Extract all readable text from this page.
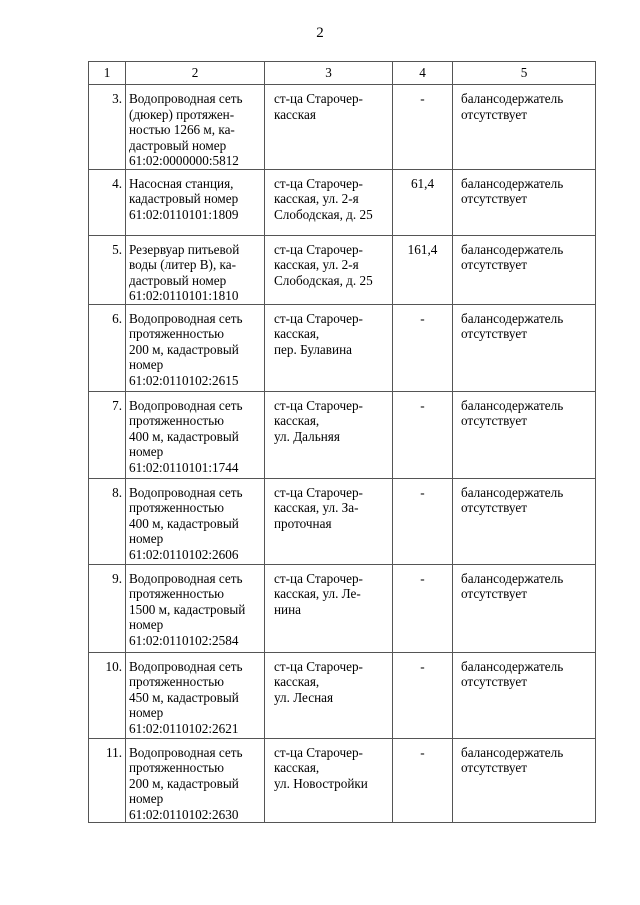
2
1	2	3	4	5
3.	Водопроводная сеть
(дюкер) протяжен-
ностью 1266 м, ка-
дастровый номер
61:02:0000000:5812	ст-ца Старочер-
касская	-	балансодержатель
отсутствует

4.	Насосная станция,
кадастровый номер
61:02:0110101:1809	ст-ца Старочер-
касская, ул. 2-я
Слободская, д. 25	61,4	балансодержатель
отсутствует

5.	Резервуар питьевой
воды (литер В), ка-
дастровый номер
61:02:0110101:1810	ст-ца Старочер-
касская, ул. 2-я
Слободская, д. 25	161,4	балансодержатель
отсутствует

6.	Водопроводная сеть
протяженностью
200 м, кадастровый
номер
61:02:0110102:2615	ст-ца Старочер-
касская,
пер. Булавина	-	балансодержатель
отсутствует

7.	Водопроводная сеть
протяженностью
400 м, кадастровый
номер
61:02:0110101:1744	ст-ца Старочер-
касская,
ул. Дальняя	-	балансодержатель
отсутствует

8.	Водопроводная сеть
протяженностью
400 м, кадастровый
номер
61:02:0110102:2606	ст-ца Старочер-
касская, ул. За-
проточная	-	балансодержатель
отсутствует

9.	Водопроводная сеть
протяженностью
1500 м, кадастровый
номер
61:02:0110102:2584	ст-ца Старочер-
касская, ул. Ле-
нина	-	балансодержатель
отсутствует

10.	Водопроводная сеть
протяженностью
450 м, кадастровый
номер
61:02:0110102:2621	ст-ца Старочер-
касская,
ул. Лесная	-	балансодержатель
отсутствует

11.	Водопроводная сеть
протяженностью
200 м, кадастровый
номер
61:02:0110102:2630	ст-ца Старочер-
касская,
ул. Новостройки	-	балансодержатель
отсутствует
